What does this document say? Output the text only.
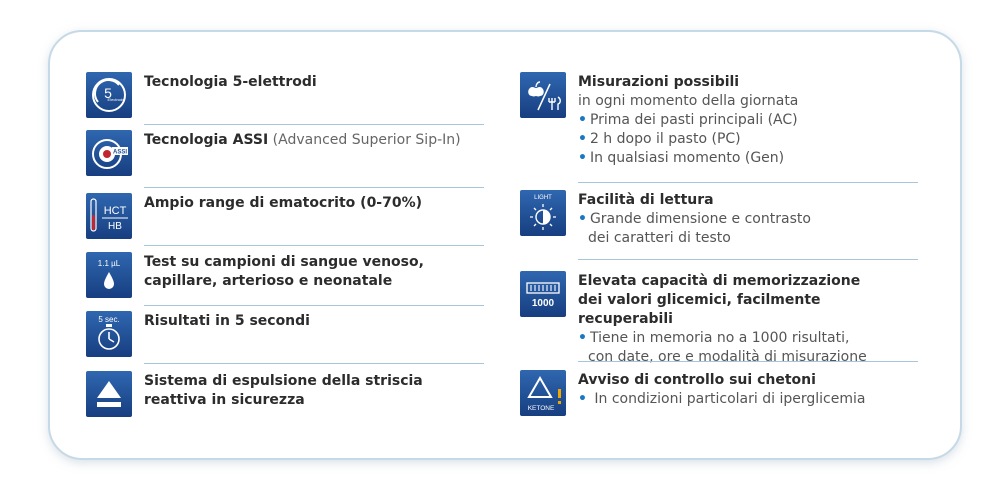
5
Electrode
Tecnologia 5-elettrodi
ASSI
Tecnologia ASSI (Advanced Superior Sip-In)
HCT
HB
Ampio range di ematocrito (0-70%)
1.1 µL Test su campioni di sangue venoso,
capillare, arterioso e neonatale
5 sec. Risultati in 5 secondi
Sistema di espulsione della striscia
reattiva in sicurezza
Misurazioni possibili
in ogni momento della giornata
• Prima dei pasti principali (AC)
• 2 h dopo il pasto (PC)
• In qualsiasi momento (Gen)
LIGHT Facilità di lettura
• Grande dimensione e contrasto
dei caratteri di testo
1000
Elevata capacità di memorizzazione
dei valori glicemici, facilmente recuperabili
• Tiene in memoria no a 1000 risultati,
con date, ore e modalità di misurazione
KETONE
Avviso di controllo sui chetoni
• In condizioni particolari di iperglicemia
